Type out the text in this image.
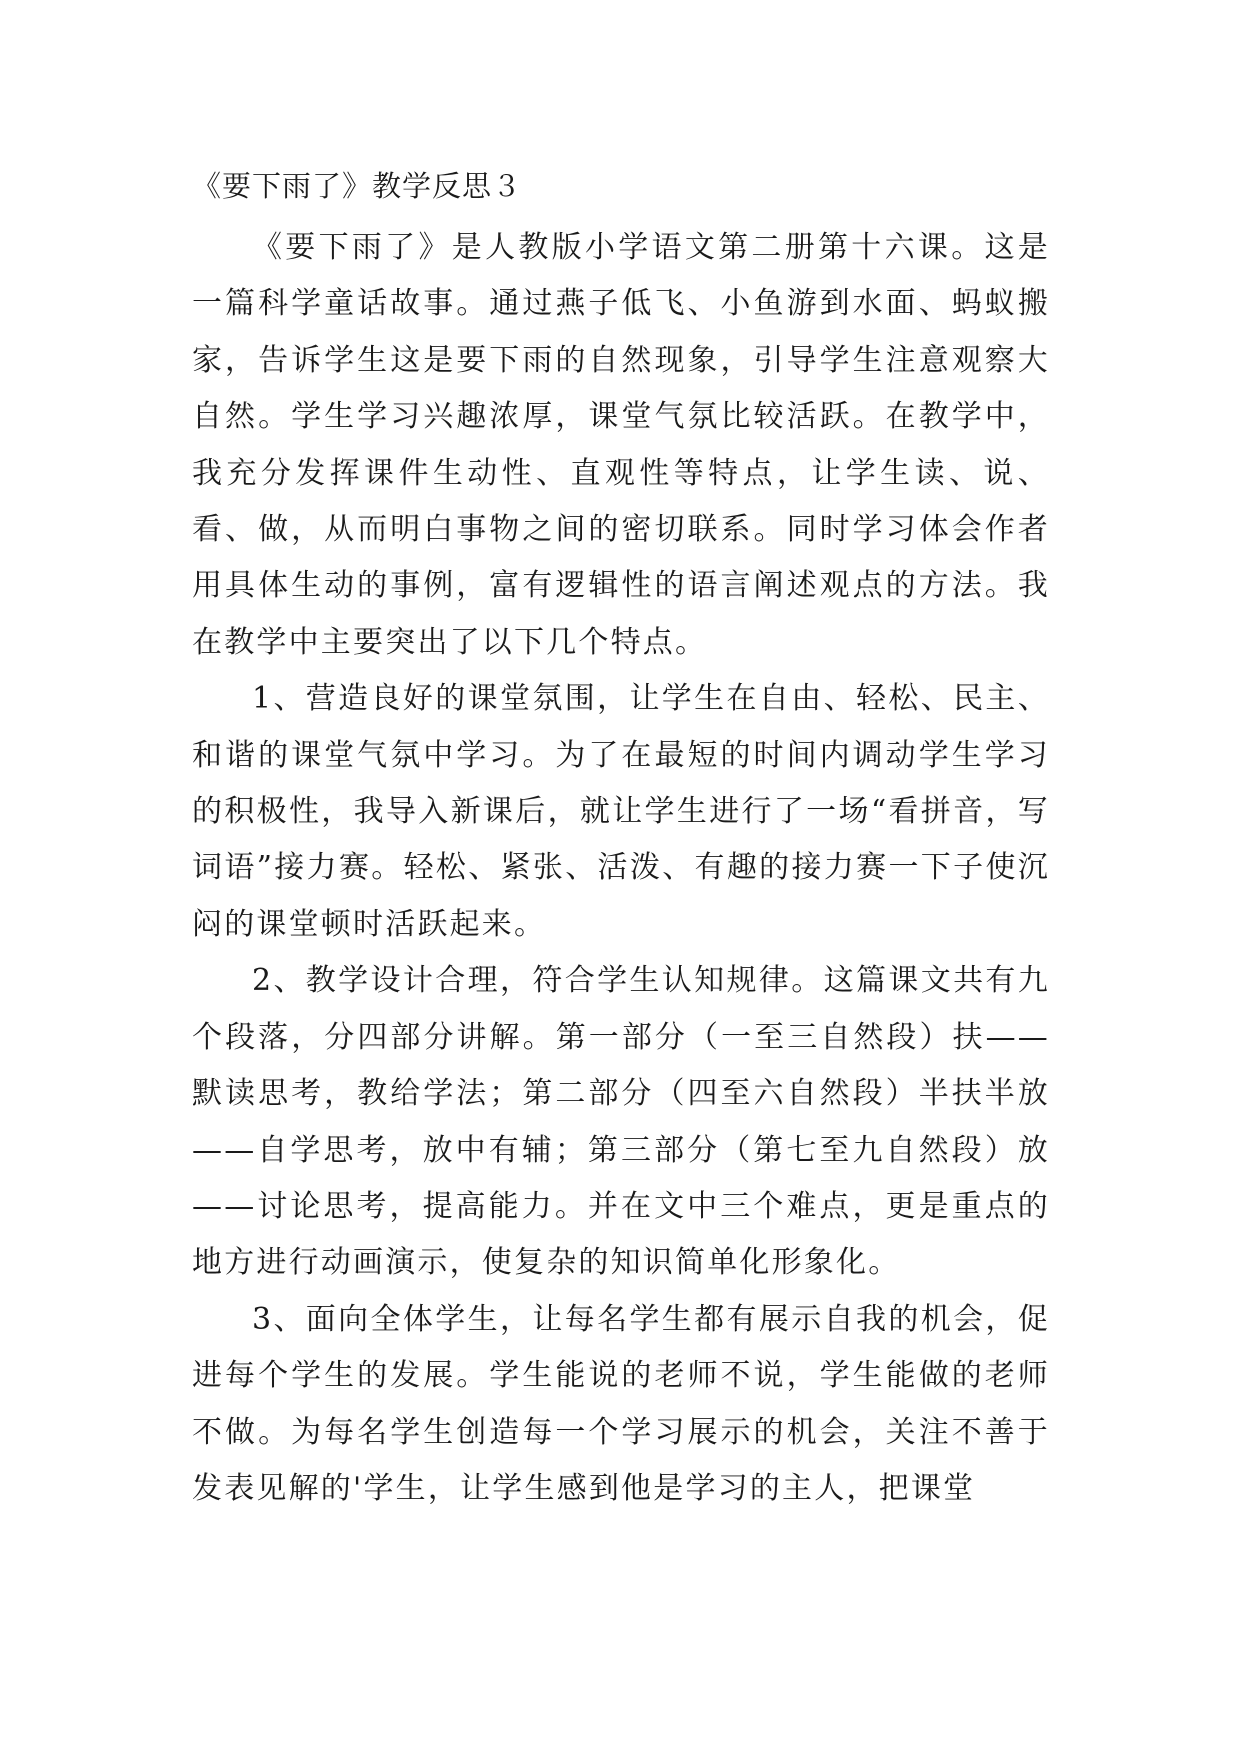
《要下雨了》教学反思３

《要下雨了》是人教版小学语文第二册第十六课。这是一篇科学童话故事。通过燕子低飞、小鱼游到水面、蚂蚁搬家，告诉学生这是要下雨的自然现象，引导学生注意观察大自然。学生学习兴趣浓厚，课堂气氛比较活跃。在教学中，我充分发挥课件生动性、直观性等特点，让学生读、说、看、做，从而明白事物之间的密切联系。同时学习体会作者用具体生动的事例，富有逻辑性的语言阐述观点的方法。我在教学中主要突出了以下几个特点。

1、营造良好的课堂氛围，让学生在自由、轻松、民主、和谐的课堂气氛中学习。为了在最短的时间内调动学生学习的积极性，我导入新课后，就让学生进行了一场“看拼音，写词语”接力赛。轻松、紧张、活泼、有趣的接力赛一下子使沉闷的课堂顿时活跃起来。

2、教学设计合理，符合学生认知规律。这篇课文共有九个段落，分四部分讲解。第一部分（一至三自然段）扶——默读思考，教给学法；第二部分（四至六自然段）半扶半放——自学思考，放中有辅；第三部分（第七至九自然段）放——讨论思考，提高能力。并在文中三个难点，更是重点的地方进行动画演示，使复杂的知识简单化形象化。

3、面向全体学生，让每名学生都有展示自我的机会，促进每个学生的发展。学生能说的老师不说，学生能做的老师不做。为每名学生创造每一个学习展示的机会，关注不善于发表见解的'学生，让学生感到他是学习的主人，把课堂
